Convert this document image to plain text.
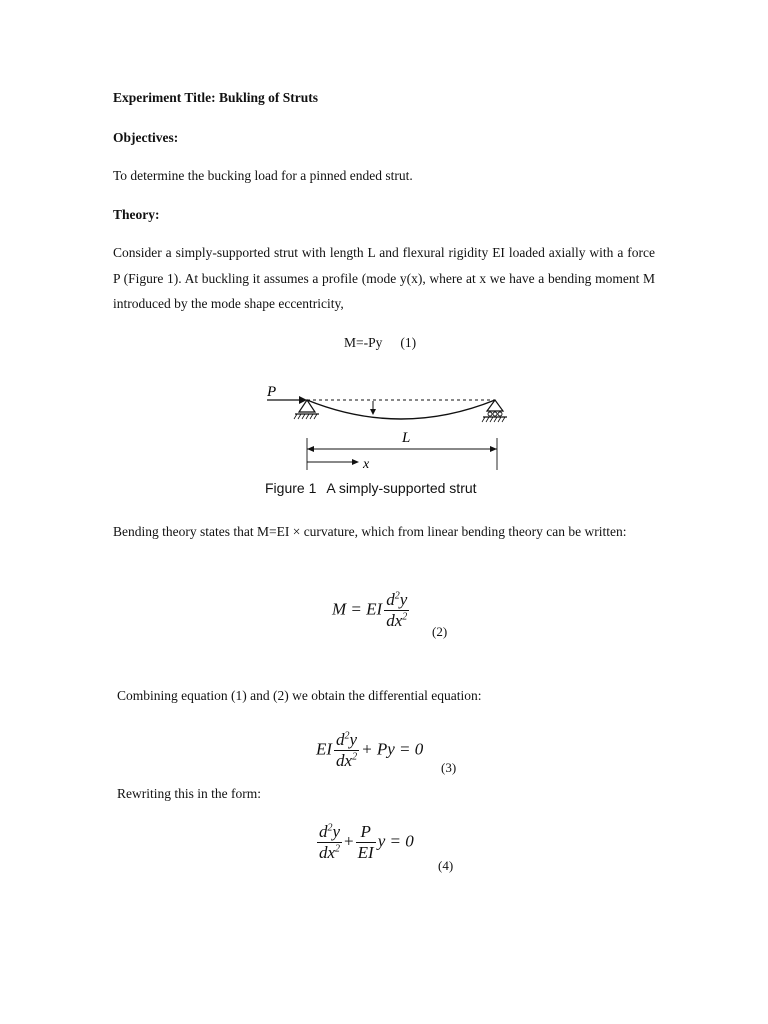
Experiment Title: Bukling of Struts

Objectives:

To determine the bucking load for a pinned ended strut.

Theory:

Consider a simply-supported strut with length L and flexural rigidity EI loaded axially with a force P (Figure 1). At buckling it assumes a profile (mode y(x), where at x we have a bending moment M introduced by the mode shape eccentricity,

M=-Py (1)
P
L
x
Figure 1 A simply-supported strut

Bending theory states that M=EI × curvature, which from linear bending theory can be written:

M = EI $\frac{d^2y}{dx^2}$
(2)

Combining equation (1) and (2) we obtain the differential equation:

EI $\frac{d^2y}{dx^2} + Py = 0$
(3)

Rewriting this in the form:

$\frac{d^2y}{dx^2} + \frac{P}{EI}$ y = 0
(4)
